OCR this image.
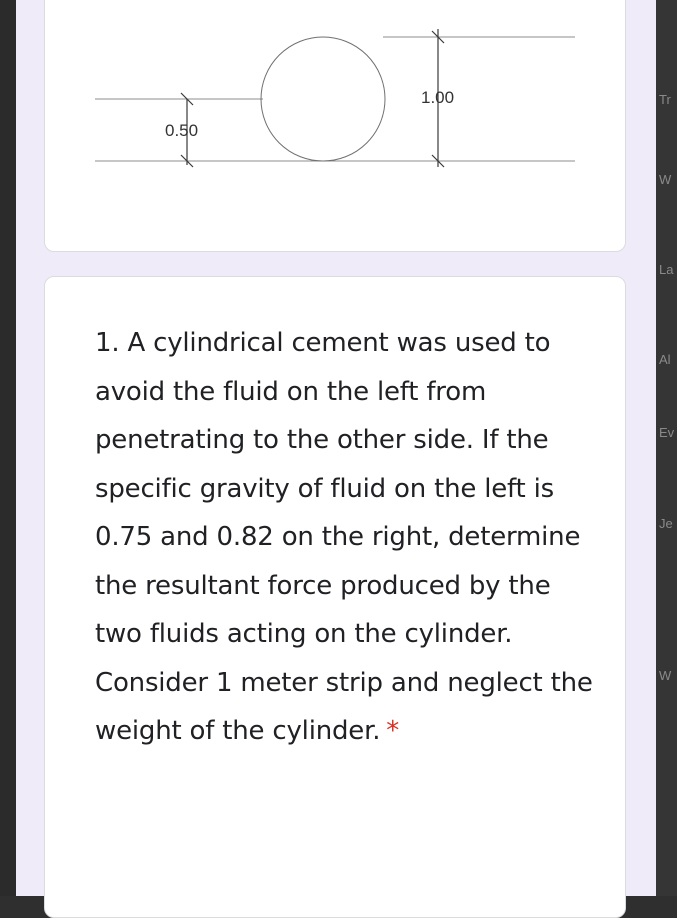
0.50
1.00

1. A cylindrical cement was used to avoid the fluid on the left from penetrating to the other side. If the specific gravity of fluid on the left is 0.75 and 0.82 on the right, determine the resultant force produced by the two fluids acting on the cylinder. Consider 1 meter strip and neglect the weight of the cylinder. *

Tr
W
La
Al
Ev
Je
W
